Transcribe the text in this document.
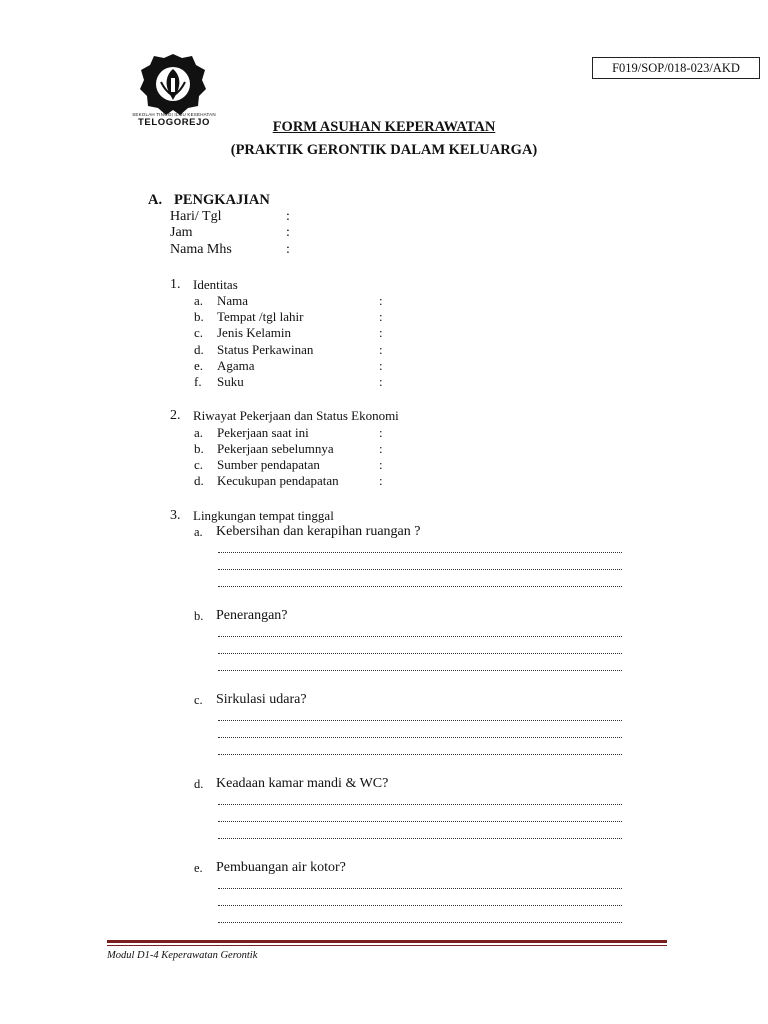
F019/SOP/018-023/AKD
SEKOLAH TINGGI ILMU KESEHATAN
TELOGOREJO	FORM ASUHAN KEPERAWATAN
(PRAKTIK GERONTIK DALAM KELUARGA)
A. PENGKAJIAN
Hari/ Tgl	:
Jam	:
Nama Mhs	:
1. Identitas
a. Nama	:
b. Tempat /tgl lahir	:
c. Jenis Kelamin	:
d. Status Perkawinan	:
e. Agama	:
f. Suku	:
2. Riwayat Pekerjaan dan Status Ekonomi
a. Pekerjaan saat ini	:
b. Pekerjaan sebelumnya	:
c. Sumber pendapatan	:
d. Kecukupan pendapatan	:
3. Lingkungan tempat tinggal
a. Kebersihan dan kerapihan ruangan ?
b. Penerangan?
c. Sirkulasi udara?
d. Keadaan kamar mandi & WC?
e. Pembuangan air kotor?
Modul D1-4 Keperawatan Gerontik
